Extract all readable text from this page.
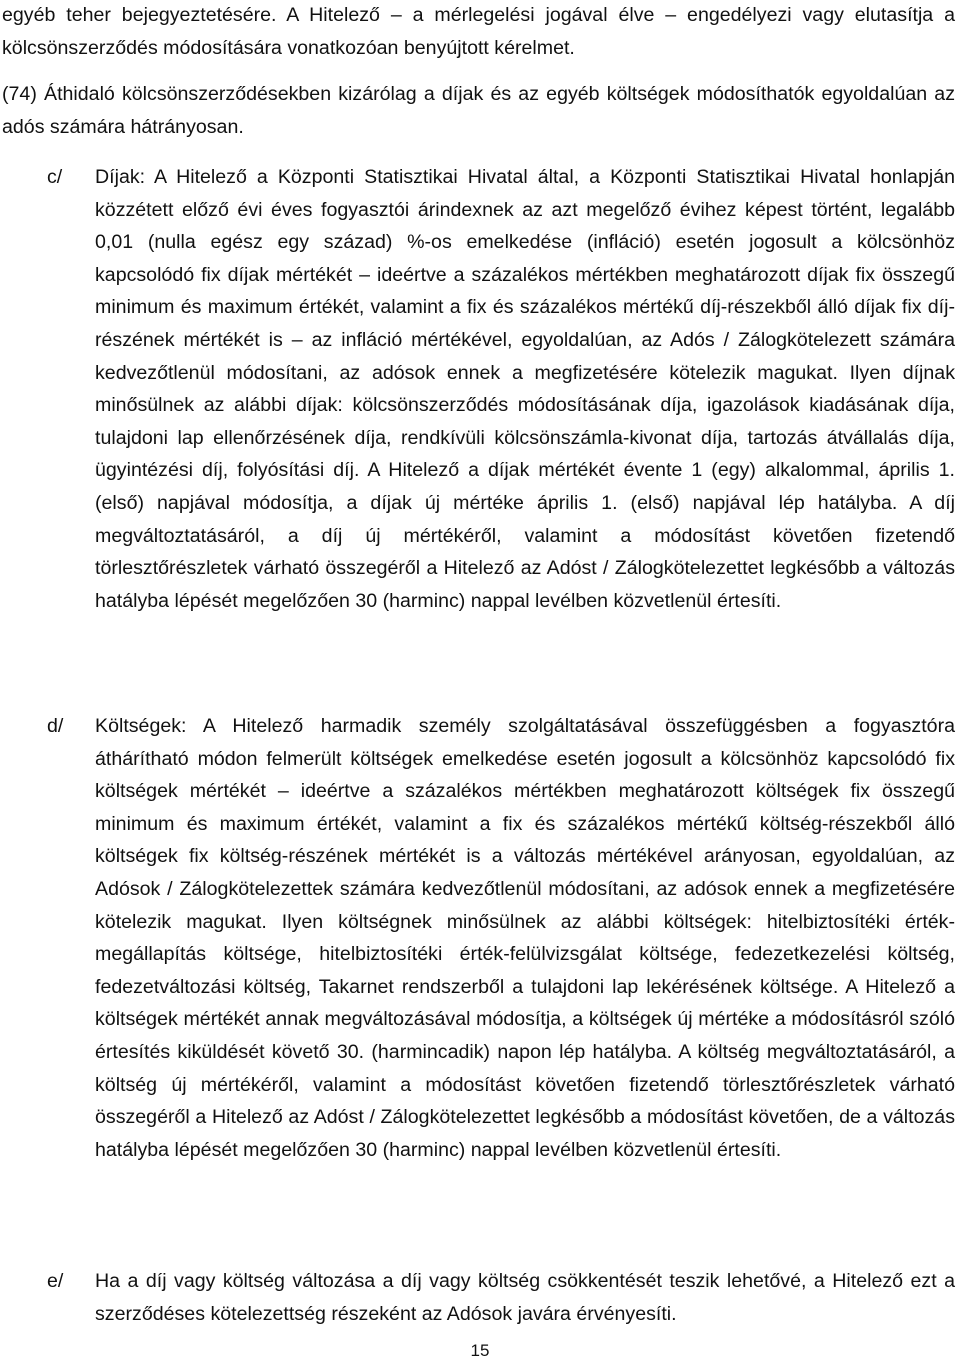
egyéb teher bejegyeztetésére. A Hitelező – a mérlegelési jogával élve – engedélyezi vagy elutasítja a kölcsönszerződés módosítására vonatkozóan benyújtott kérelmet.

(74) Áthidaló kölcsönszerződésekben kizárólag a díjak és az egyéb költségek módosíthatók egyoldalúan az adós számára hátrányosan.

c/ Díjak: A Hitelező a Központi Statisztikai Hivatal által, a Központi Statisztikai Hivatal honlapján közzétett előző évi éves fogyasztói árindexnek az azt megelőző évihez képest történt, legalább 0,01 (nulla egész egy század) %-os emelkedése (infláció) esetén jogosult a kölcsönhöz kapcsolódó fix díjak mértékét – ideértve a százalékos mértékben meghatározott díjak fix összegű minimum és maximum értékét, valamint a fix és százalékos mértékű díj-részekből álló díjak fix díj-részének mértékét is – az infláció mértékével, egyoldalúan, az Adós / Zálogkötelezett számára kedvezőtlenül módosítani, az adósok ennek a megfizetésére kötelezik magukat. Ilyen díjnak minősülnek az alábbi díjak: kölcsönszerződés módosításának díja, igazolások kiadásának díja, tulajdoni lap ellenőrzésének díja, rendkívüli kölcsönszámla-kivonat díja, tartozás átvállalás díja, ügyintézési díj, folyósítási díj. A Hitelező a díjak mértékét évente 1 (egy) alkalommal, április 1. (első) napjával módosítja, a díjak új mértéke április 1. (első) napjával lép hatályba. A díj megváltoztatásáról, a díj új mértékéről, valamint a módosítást követően fizetendő törlesztőrészletek várható összegéről a Hitelező az Adóst / Zálogkötelezettet legkésőbb a változás hatályba lépését megelőzően 30 (harminc) nappal levélben közvetlenül értesíti.

d/ Költségek: A Hitelező harmadik személy szolgáltatásával összefüggésben a fogyasztóra áthárítható módon felmerült költségek emelkedése esetén jogosult a kölcsönhöz kapcsolódó fix költségek mértékét – ideértve a százalékos mértékben meghatározott költségek fix összegű minimum és maximum értékét, valamint a fix és százalékos mértékű költség-részekből álló költségek fix költség-részének mértékét is a változás mértékével arányosan, egyoldalúan, az Adósok / Zálogkötelezettek számára kedvezőtlenül módosítani, az adósok ennek a megfizetésére kötelezik magukat. Ilyen költségnek minősülnek az alábbi költségek: hitelbiztosítéki érték-megállapítás költsége, hitelbiztosítéki érték-felülvizsgálat költsége, fedezetkezelési költség, fedezetváltozási költség, Takarnet rendszerből a tulajdoni lap lekérésének költsége. A Hitelező a költségek mértékét annak megváltozásával módosítja, a költségek új mértéke a módosításról szóló értesítés kiküldését követő 30. (harmincadik) napon lép hatályba. A költség megváltoztatásáról, a költség új mértékéről, valamint a módosítást követően fizetendő törlesztőrészletek várható összegéről a Hitelező az Adóst / Zálogkötelezettet legkésőbb a módosítást követően, de a változás hatályba lépését megelőzően 30 (harminc) nappal levélben közvetlenül értesíti.

e/ Ha a díj vagy költség változása a díj vagy költség csökkentését teszik lehetővé, a Hitelező ezt a szerződéses kötelezettség részeként az Adósok javára érvényesíti.

15
